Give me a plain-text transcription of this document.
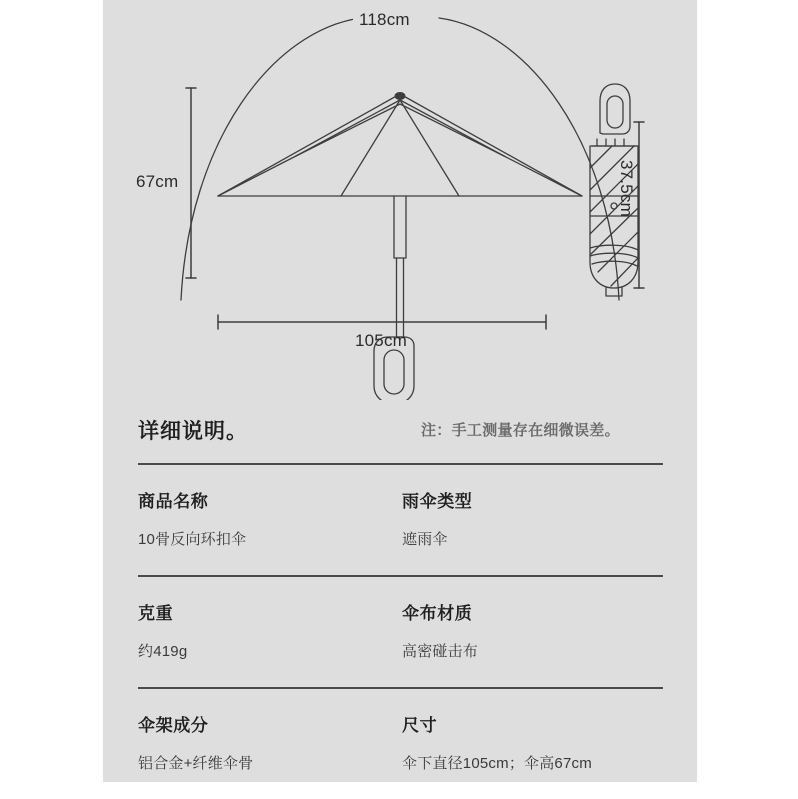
118cm
67cm
105cm
37.5cm
详细说明。	注：手工测量存在细微误差。
商品名称
10骨反向环扣伞
雨伞类型
遮雨伞
克重
约419g
伞布材质
高密碰击布
伞架成分
铝合金+纤维伞骨
尺寸
伞下直径105cm；伞高67cm
